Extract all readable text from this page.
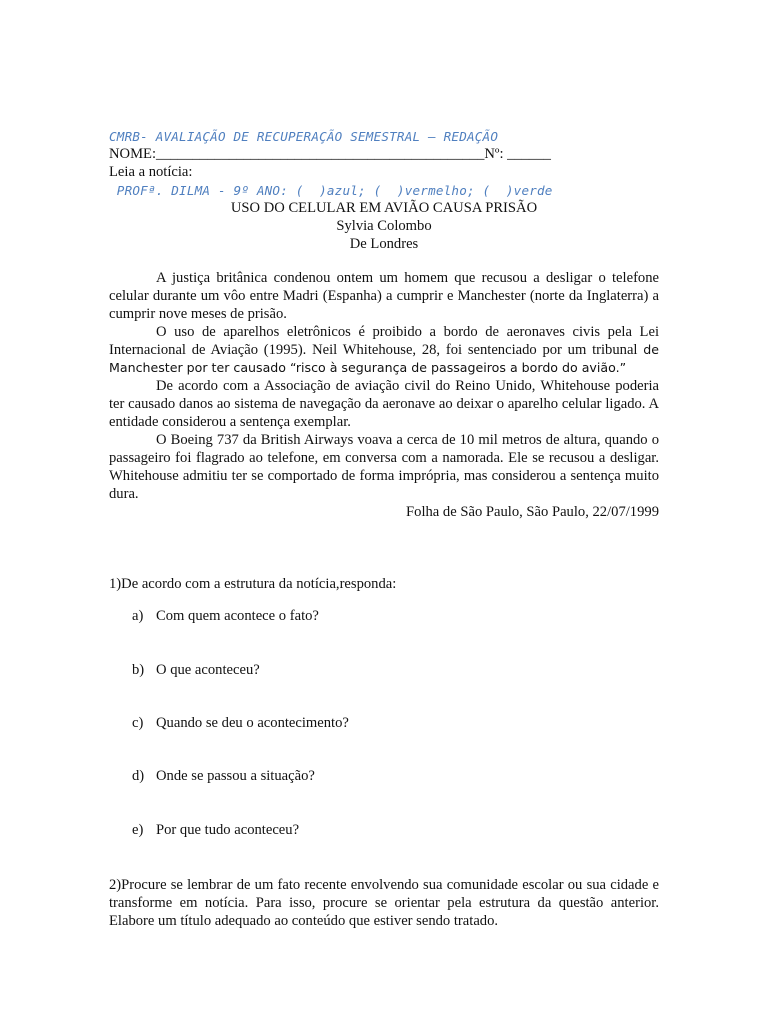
CMRB- AVALIAÇÃO DE RECUPERAÇÃO SEMESTRAL – REDAÇÃO

PROFª. DILMA - 9º ANO: (  )azul; (  )vermelho; (  )verde

NOME:_____________________________________________Nº: ______
Leia a notícia:
USO DO CELULAR EM AVIÃO CAUSA PRISÃO
Sylvia Colombo
De Londres

A justiça britânica condenou ontem um homem que recusou a desligar o telefone celular durante um vôo entre Madri (Espanha) a cumprir e Manchester (norte da Inglaterra) a cumprir nove meses de prisão.

O uso de aparelhos eletrônicos é proibido a bordo de aeronaves civis pela Lei Internacional de Aviação (1995). Neil Whitehouse, 28, foi sentenciado por um tribunal de Manchester por ter causado “risco à segurança de passageiros a bordo do avião.”

De acordo com a Associação de aviação civil do Reino Unido, Whitehouse poderia ter causado danos ao sistema de navegação da aeronave ao deixar o aparelho celular ligado. A entidade considerou a sentença exemplar.

O Boeing 737 da British Airways voava a cerca de 10 mil metros de altura, quando o passageiro foi flagrado ao telefone, em conversa com a namorada. Ele se recusou a desligar. Whitehouse admitiu ter se comportado de forma imprópria, mas considerou a sentença muito dura.

Folha de São Paulo, São Paulo, 22/07/1999
1)De acordo com a estrutura da notícia,responda:
a) Com quem acontece o fato?
b) O que aconteceu?
c) Quando se deu o acontecimento?
d) Onde se passou a situação?
e) Por que tudo aconteceu?

2)Procure se lembrar de um fato recente envolvendo sua comunidade escolar ou sua cidade e transforme em notícia. Para isso, procure se orientar pela estrutura da questão anterior. Elabore um título adequado ao conteúdo que estiver sendo tratado.
